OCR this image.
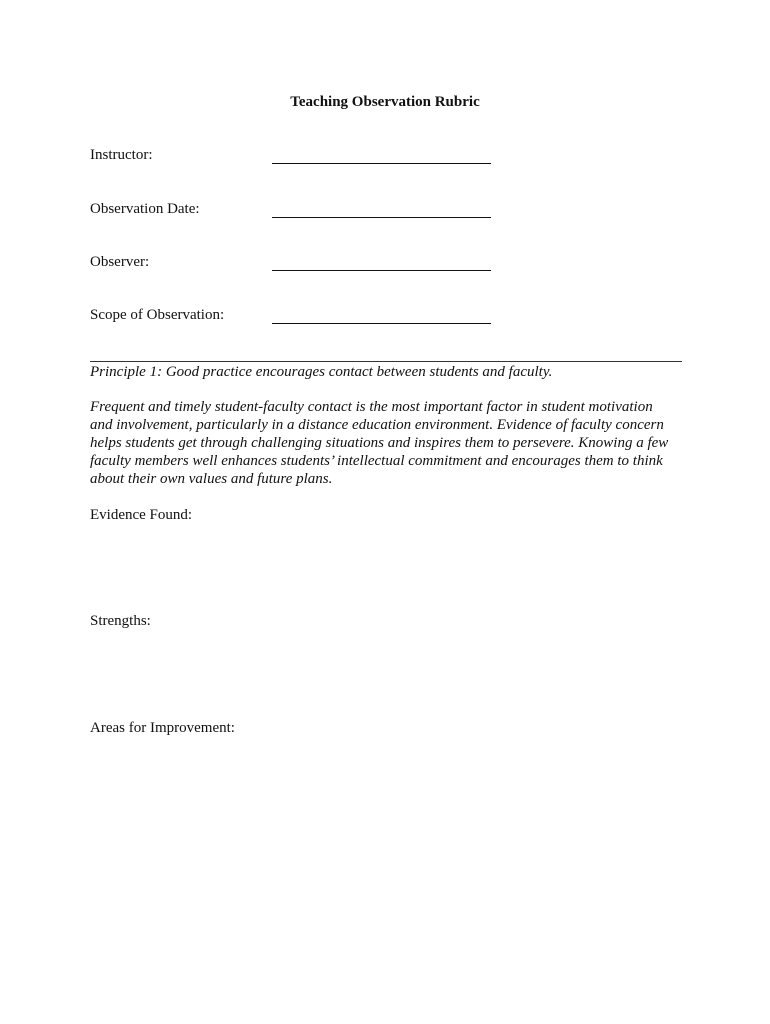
Teaching Observation Rubric
Instructor:
Observation Date:
Observer:
Scope of Observation:
Principle 1: Good practice encourages contact between students and faculty.
Frequent and timely student-faculty contact is the most important factor in student motivation
and involvement, particularly in a distance education environment. Evidence of faculty concern
helps students get through challenging situations and inspires them to persevere. Knowing a few
faculty members well enhances students’ intellectual commitment and encourages them to think
about their own values and future plans.
Evidence Found:
Strengths:
Areas for Improvement:
